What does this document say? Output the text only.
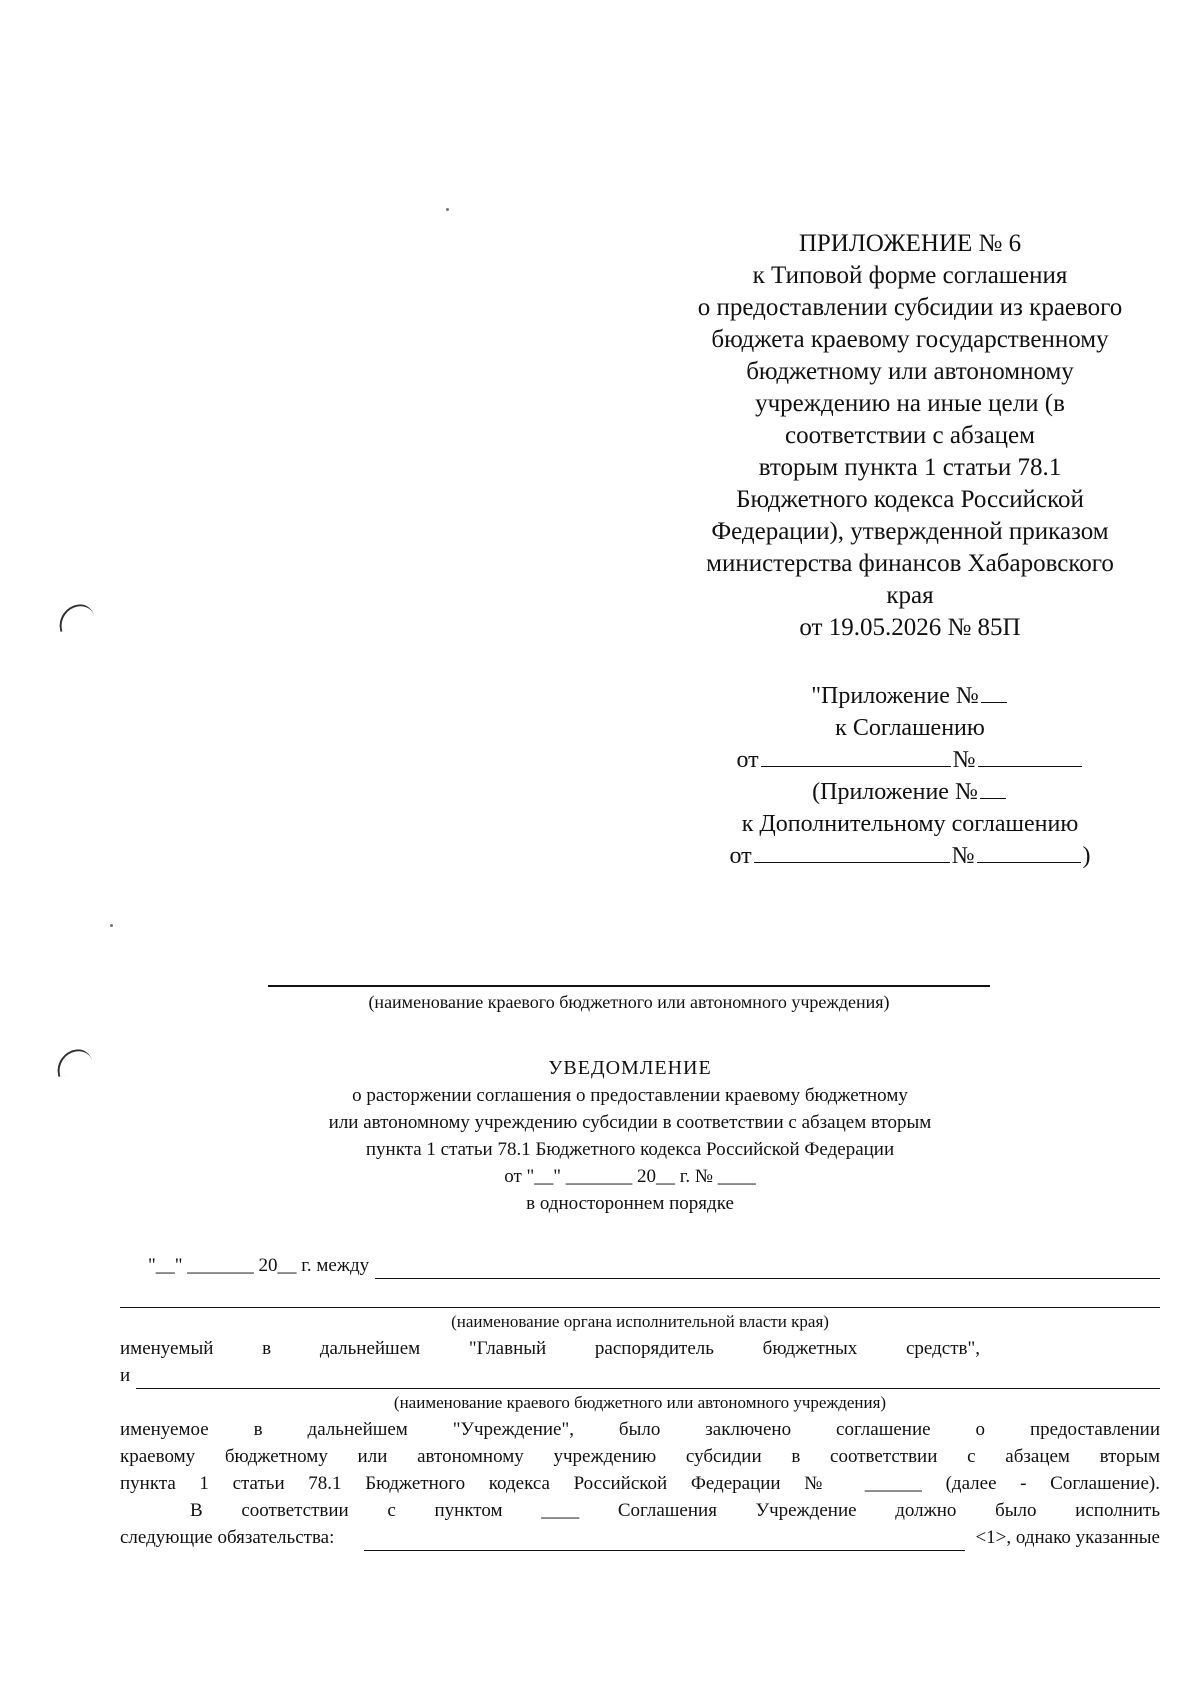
ПРИЛОЖЕНИЕ № 6
к Типовой форме соглашения
о предоставлении субсидии из краевого
бюджета краевому государственному
бюджетному или автономному
учреждению на иные цели (в
соответствии с абзацем
вторым пункта 1 статьи 78.1
Бюджетного кодекса Российской
Федерации), утвержденной приказом
министерства финансов Хабаровского
края
от 19.05.2026 № 85П
"Приложение №
к Соглашению
от	№
(Приложение №
к Дополнительному соглашению
от	№	)
(наименование краевого бюджетного или автономного учреждения)
УВЕДОМЛЕНИЕ
о расторжении соглашения о предоставлении краевому бюджетному
или автономному учреждению субсидии в соответствии с абзацем вторым
пункта 1 статьи 78.1 Бюджетного кодекса Российской Федерации
от "__" _______ 20__ г. № ____
в одностороннем порядке
"__" _______ 20__ г. между
(наименование органа исполнительной власти края)
именуемый в дальнейшем "Главный распорядитель бюджетных средств",
и
(наименование краевого бюджетного или автономного учреждения)
именуемое в дальнейшем "Учреждение", было заключено соглашение о предоставлении
краевому бюджетному или автономному учреждению субсидии в соответствии с абзацем вторым
пункта 1 статьи 78.1 Бюджетного кодекса Российской Федерации № ______ (далее - Соглашение).
В соответствии с пунктом ____ Соглашения Учреждение должно было исполнить
следующие обязательства:	<1>, однако указанные
